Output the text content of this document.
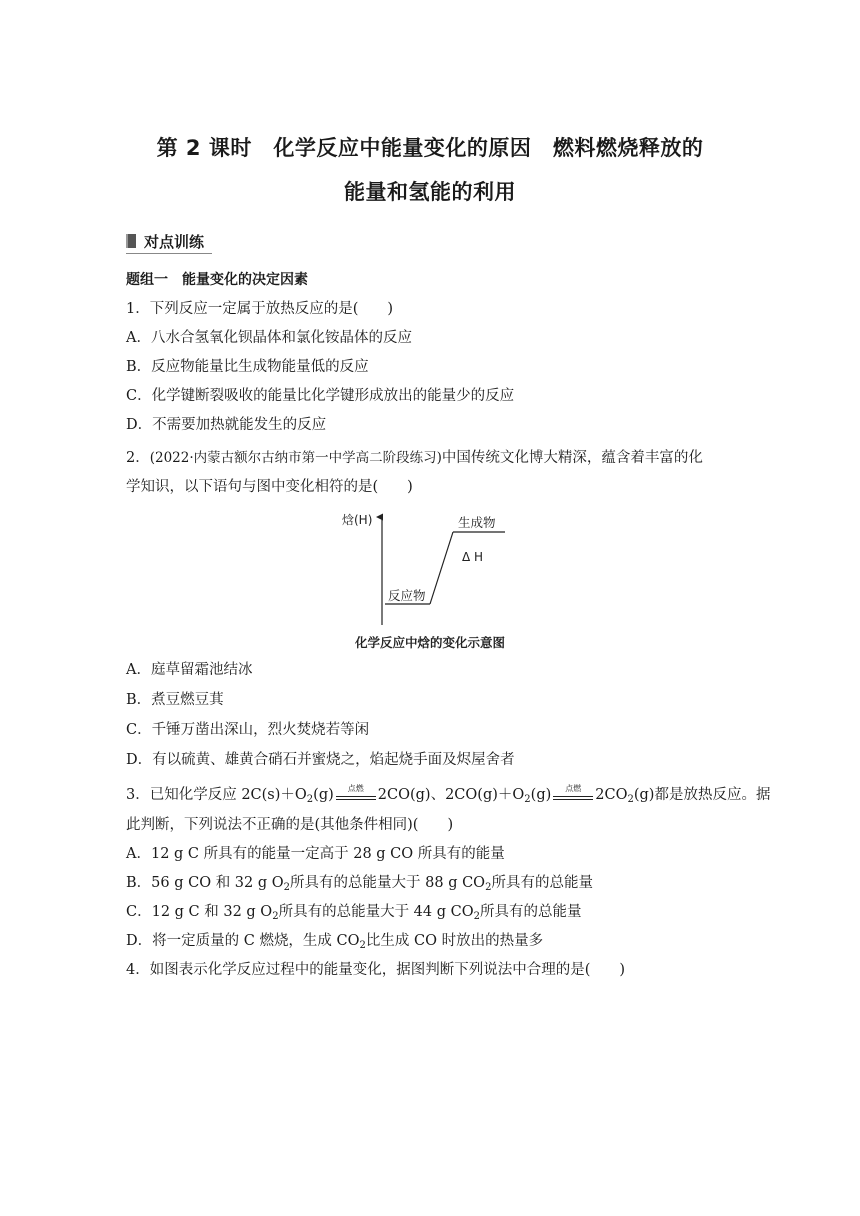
第 2 课时　化学反应中能量变化的原因　燃料燃烧释放的
能量和氢能的利用
对点训练
题组一　能量变化的决定因素
1．下列反应一定属于放热反应的是(　　)
A．八水合氢氧化钡晶体和氯化铵晶体的反应
B．反应物能量比生成物能量低的反应
C．化学键断裂吸收的能量比化学键形成放出的能量少的反应
D．不需要加热就能发生的反应
2．(2022·内蒙古额尔古纳市第一中学高二阶段练习)中国传统文化博大精深，蕴含着丰富的化
学知识，以下语句与图中变化相符的是(　　)
焓(H)	生成物
反应物
Δ H
化学反应中焓的变化示意图
A．庭草留霜池结冰
B．煮豆燃豆萁
C．千锤万凿出深山，烈火焚烧若等闲
D．有以硫黄、雄黄合硝石并蜜烧之，焰起烧手面及烬屋舍者
3．已知化学反应 $2C(s)+O_2(g)$	点燃 2CO(g)、$2CO(g)+O_2(g)$	点燃 $2CO_2(g)$都是放热反应。据
此判断，下列说法不正确的是(其他条件相同)(　　)
A．12 g C 所具有的能量一定高于 28 g CO 所具有的能量
B．56 g CO 和 32 g $O_2$所具有的总能量大于 88 g $CO_2$所具有的总能量
C．12 g C 和 32 g $O_2$所具有的总能量大于 44 g $CO_2$所具有的总能量
D．将一定质量的 C 燃烧，生成 $CO_2$比生成 CO 时放出的热量多
4．如图表示化学反应过程中的能量变化，据图判断下列说法中合理的是(　　)
